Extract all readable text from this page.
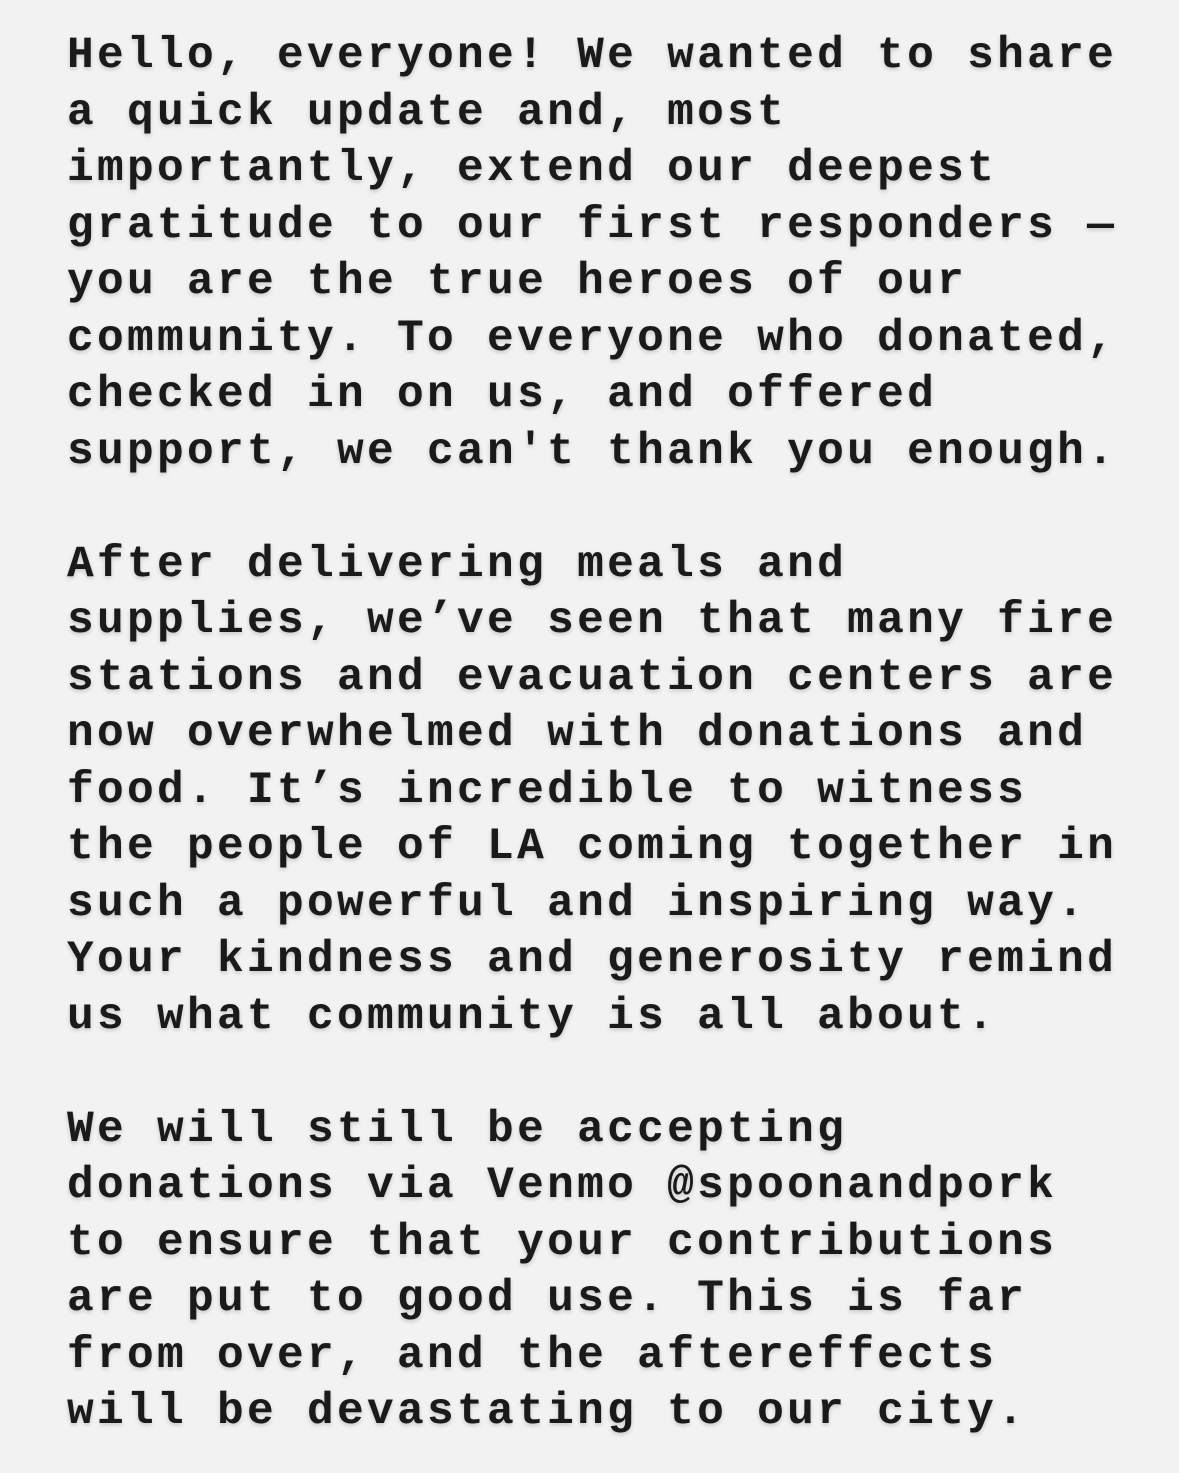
Hello, everyone! We wanted to share
a quick update and, most
importantly, extend our deepest
gratitude to our first responders —
you are the true heroes of our
community. To everyone who donated,
checked in on us, and offered
support, we can't thank you enough.

After delivering meals and
supplies, we’ve seen that many fire
stations and evacuation centers are
now overwhelmed with donations and
food. It’s incredible to witness
the people of LA coming together in
such a powerful and inspiring way.
Your kindness and generosity remind
us what community is all about.

We will still be accepting
donations via Venmo @spoonandpork
to ensure that your contributions
are put to good use. This is far
from over, and the aftereffects
will be devastating to our city.
